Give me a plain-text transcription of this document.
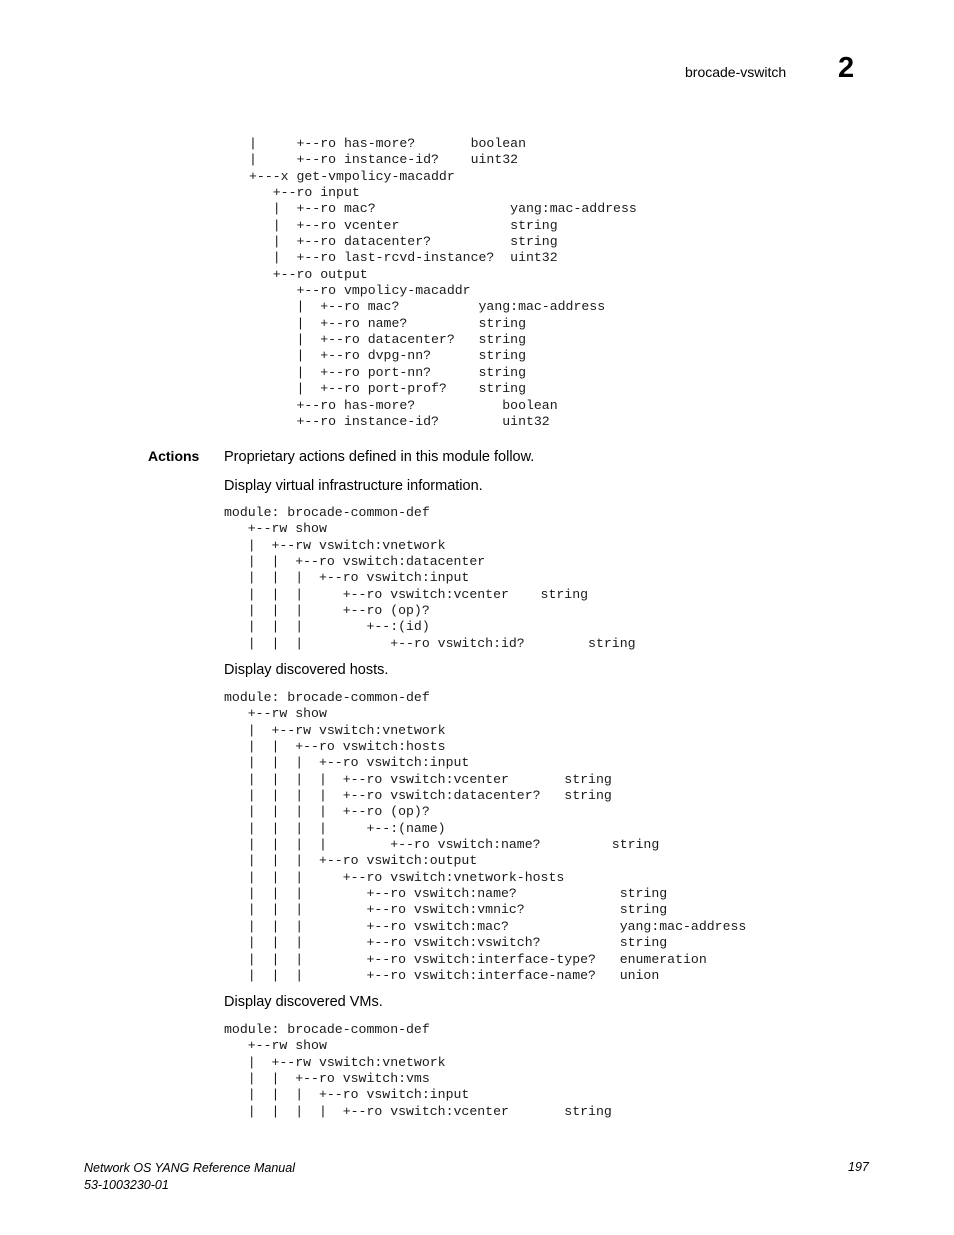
brocade-vswitch 2
|     +--ro has-more?       boolean
|     +--ro instance-id?    uint32
+---x get-vmpolicy-macaddr
+--ro input
|  +--ro mac?                 yang:mac-address
|  +--ro vcenter              string
|  +--ro datacenter?          string
|  +--ro last-rcvd-instance?  uint32
+--ro output
+--ro vmpolicy-macaddr
|  +--ro mac?          yang:mac-address
|  +--ro name?         string
|  +--ro datacenter?   string
|  +--ro dvpg-nn?      string
|  +--ro port-nn?      string
|  +--ro port-prof?    string
+--ro has-more?           boolean
+--ro instance-id?        uint32
Actions Proprietary actions defined in this module follow.

Display virtual infrastructure information.

module: brocade-common-def
+--rw show
|  +--rw vswitch:vnetwork
|  |  +--ro vswitch:datacenter
|  |  |  +--ro vswitch:input
|  |  |     +--ro vswitch:vcenter    string
|  |  |     +--ro (op)?
|  |  |        +--:(id)
|  |  |           +--ro vswitch:id?        string

Display discovered hosts.

module: brocade-common-def
+--rw show
|  +--rw vswitch:vnetwork
|  |  +--ro vswitch:hosts
|  |  |  +--ro vswitch:input
|  |  |  |  +--ro vswitch:vcenter       string
|  |  |  |  +--ro vswitch:datacenter?   string
|  |  |  |  +--ro (op)?
|  |  |  |     +--:(name)
|  |  |  |        +--ro vswitch:name?         string
|  |  |  +--ro vswitch:output
|  |  |     +--ro vswitch:vnetwork-hosts
|  |  |        +--ro vswitch:name?             string
|  |  |        +--ro vswitch:vmnic?            string
|  |  |        +--ro vswitch:mac?              yang:mac-address
|  |  |        +--ro vswitch:vswitch?          string
|  |  |        +--ro vswitch:interface-type?   enumeration
|  |  |        +--ro vswitch:interface-name?   union

Display discovered VMs.

module: brocade-common-def
+--rw show
|  +--rw vswitch:vnetwork
|  |  +--ro vswitch:vms
|  |  |  +--ro vswitch:input
|  |  |  |  +--ro vswitch:vcenter       string
Network OS YANG Reference Manual
53-1003230-01
197
